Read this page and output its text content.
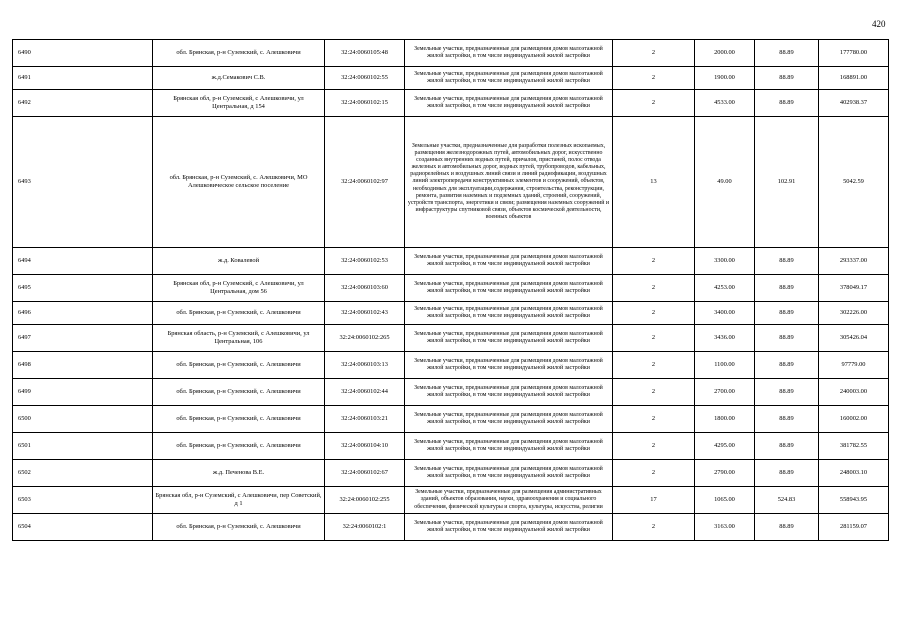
420
6490	обл. Брянская, р-н Суземский, с. Алешковичи	32:24:0060105:48	Земельные участки, предназначенные для размещения домов малоэтажной жилой застройки, в том числе индивидуальной жилой застройки	2	2000.00	88.89	177780.00
6491	ж.д.Семакович С.В.	32:24:0060102:55	Земельные участки, предназначенные для размещения домов малоэтажной жилой застройки, в том числе индивидуальной жилой застройки	2	1900.00	88.89	168891.00
6492	Брянская обл, р-н Суземский, с Алешковичи, ул Центральная, д 154	32:24:0060102:15	Земельные участки, предназначенные для размещения домов малоэтажной жилой застройки, в том числе индивидуальной жилой застройки	2	4533.00	88.89	402938.37
6493	обл. Брянская, р-н Суземский, с. Алешковичи, МО Алешковическое сельское поселение	32:24:0060102:97	Земельные участки, предназначенные для разработки полезных ископаемых, размещения железнодорожных путей, автомобильных дорог, искусственно созданных внутренних водных путей, причалов, пристаней, полос отвода железных и автомобильных дорог, водных путей, трубопроводов, кабельных, радиорелейных и воздушных линий связи и линий радиофикации, воздушных линий электропередачи конструктивных элементов и сооружений, объектов, необходимых для эксплуатации,содержания, строительства, реконструкции, ремонта, развития наземных и подземных зданий, строений, сооружений, устройств транспорта, энергетики и связи; размещения наземных сооружений и инфраструктуры спутниковой связи, объектов космической деятельности, военных объектов	13	49.00	102.91	5042.59
6494	ж.д. Ковалевой	32:24:0060102:53	Земельные участки, предназначенные для размещения домов малоэтажной жилой застройки, в том числе индивидуальной жилой застройки	2	3300.00	88.89	293337.00
6495	Брянская обл, р-н Суземский, с Алешковичи, ул Центральная, дом 56	32:24:0060103:60	Земельные участки, предназначенные для размещения домов малоэтажной жилой застройки, в том числе индивидуальной жилой застройки	2	4253.00	88.89	378049.17
6496	обл. Брянская, р-н Суземский, с. Алешковичи	32:24:0060102:43	Земельные участки, предназначенные для размещения домов малоэтажной жилой застройки, в том числе индивидуальной жилой застройки	2	3400.00	88.89	302226.00
6497	Брянская область, р-н Суземский, с Алешковичи, ул Центральная, 106	32:24:0060102:265	Земельные участки, предназначенные для размещения домов малоэтажной жилой застройки, в том числе индивидуальной жилой застройки	2	3436.00	88.89	305426.04
6498	обл. Брянская, р-н Суземский, с. Алешковичи	32:24:0060103:13	Земельные участки, предназначенные для размещения домов малоэтажной жилой застройки, в том числе индивидуальной жилой застройки	2	1100.00	88.89	97779.00
6499	обл. Брянская, р-н Суземский, с. Алешковичи	32:24:0060102:44	Земельные участки, предназначенные для размещения домов малоэтажной жилой застройки, в том числе индивидуальной жилой застройки	2	2700.00	88.89	240003.00
6500	обл. Брянская, р-н Суземский, с. Алешковичи	32:24:0060103:21	Земельные участки, предназначенные для размещения домов малоэтажной жилой застройки, в том числе индивидуальной жилой застройки	2	1800.00	88.89	160002.00
6501	обл. Брянская, р-н Суземский, с. Алешковичи	32:24:0060104:10	Земельные участки, предназначенные для размещения домов малоэтажной жилой застройки, в том числе индивидуальной жилой застройки	2	4295.00	88.89	381782.55
6502	ж.д. Печенова В.Е.	32:24:0060102:67	Земельные участки, предназначенные для размещения домов малоэтажной жилой застройки, в том числе индивидуальной жилой застройки	2	2790.00	88.89	248003.10
6503	Брянская обл, р-н Суземский, с Алешковичи, пер Советский, д 1	32:24:0060102:255	Земельные участки, предназначенные для размещения административных зданий, объектов образования, науки, здравоохранения и социального обеспечения, физической культуры и спорта, культуры, искусства, религии	17	1065.00	524.83	558943.95
6504	обл. Брянская, р-н Суземский, с. Алешковичи	32:24:0060102:1	Земельные участки, предназначенные для размещения домов малоэтажной жилой застройки, в том числе индивидуальной жилой застройки	2	3163.00	88.89	281159.07
